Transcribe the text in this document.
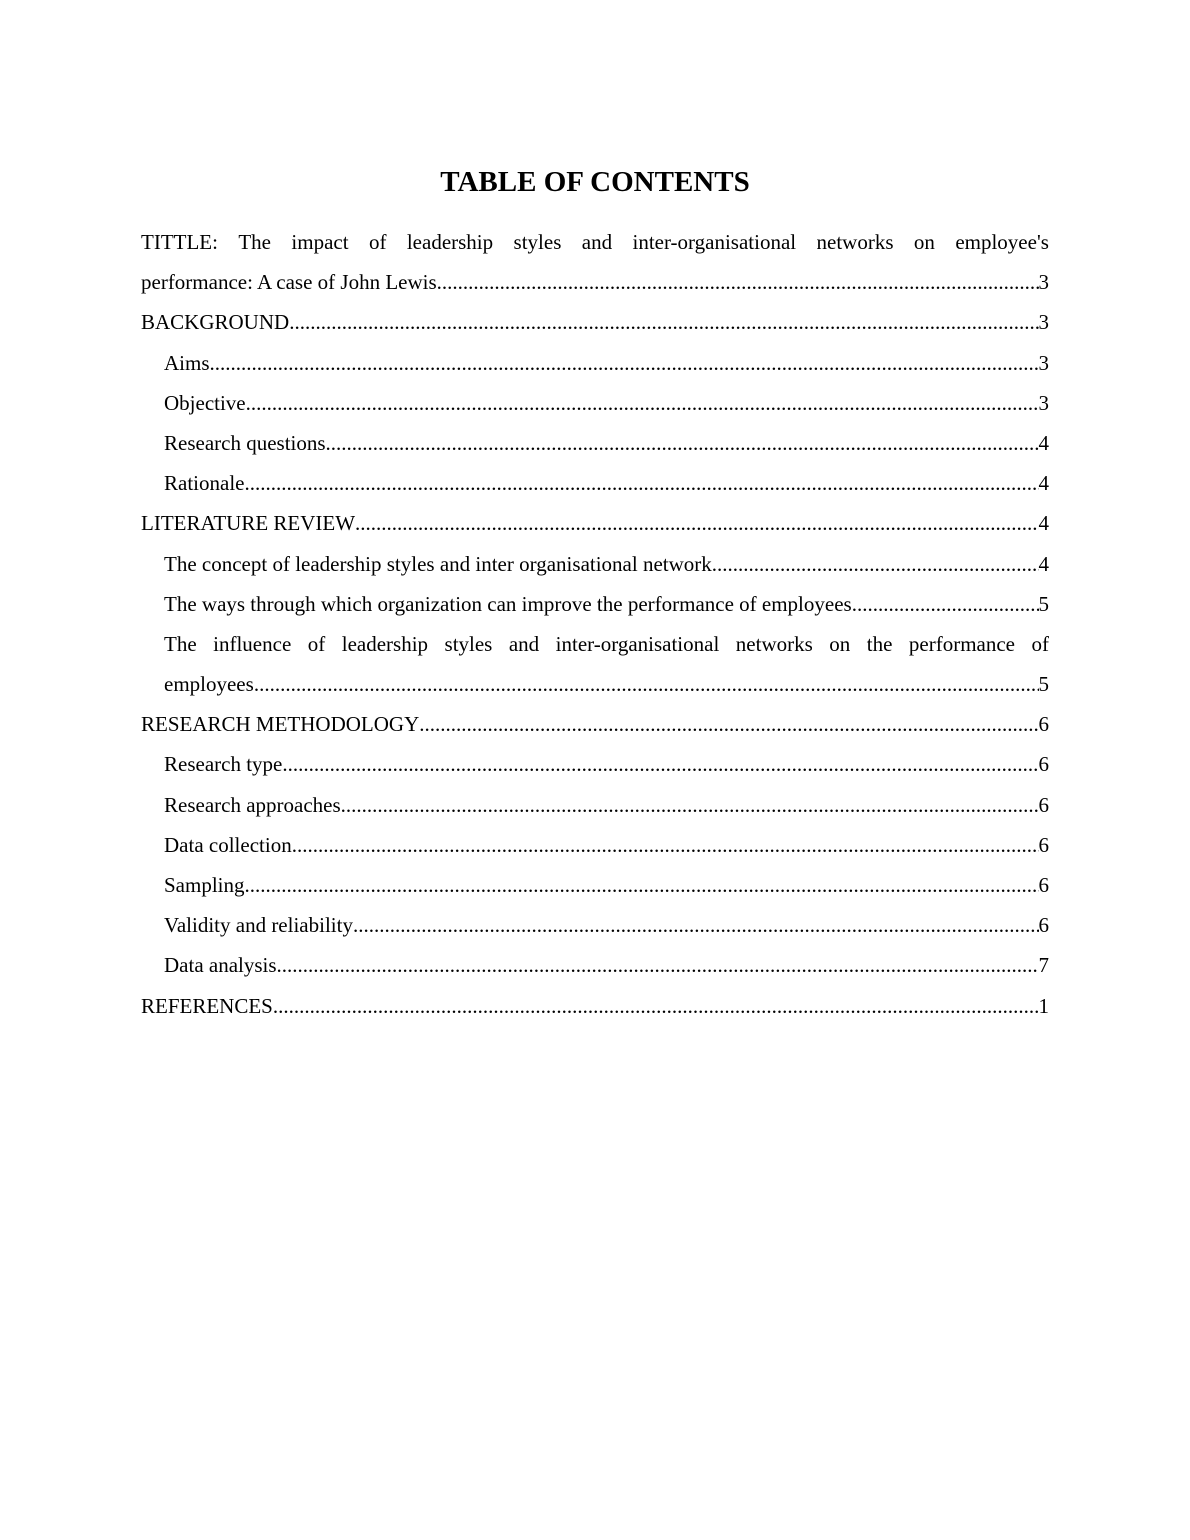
TABLE OF CONTENTS
TITTLE: The impact of leadership styles and inter-organisational networks on employee's
performance: A case of John Lewis .....	3
BACKGROUND .....	3
Aims .....	3
Objective .....	3
Research questions .....	4
Rationale .....	4
LITERATURE REVIEW .....	4
The concept of leadership styles and inter organisational network .....	4
The ways through which organization can improve the performance of employees .....	5
The influence of leadership styles and inter-organisational networks on the performance of
employees .....	5
RESEARCH METHODOLOGY .....	6
Research type .....	6
Research approaches .....	6
Data collection .....	6
Sampling .....	6
Validity and reliability .....	6
Data analysis .....	7
REFERENCES .....	1
